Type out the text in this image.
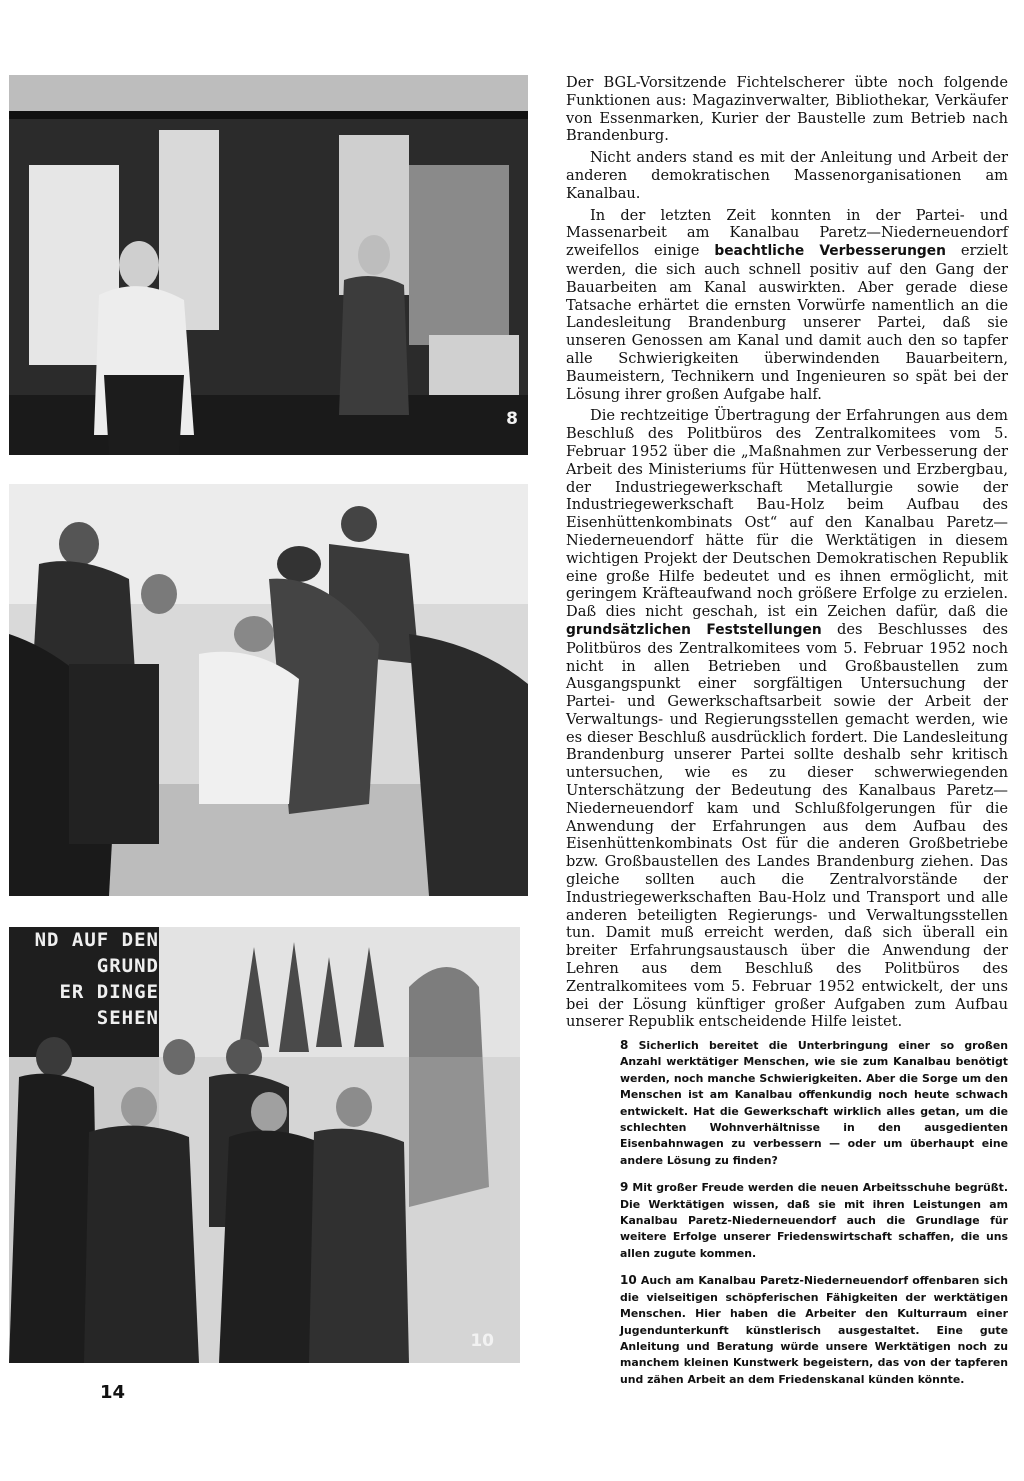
8
ND AUF DEN
GRUND
ER DINGE
SEHEN
10

Der BGL-Vorsitzende Fichtelscherer übte noch folgende Funktionen aus: Magazinverwalter, Bibliothekar, Verkäufer von Essenmarken, Kurier der Baustelle zum Betrieb nach Brandenburg.

Nicht anders stand es mit der Anleitung und Arbeit der anderen demokratischen Massenorganisationen am Kanalbau.

In der letzten Zeit konnten in der Partei- und Massenarbeit am Kanalbau Paretz—Niederneuendorf zweifellos einige beachtliche Verbesserungen erzielt werden, die sich auch schnell positiv auf den Gang der Bauarbeiten am Kanal auswirkten. Aber gerade diese Tatsache erhärtet die ernsten Vorwürfe namentlich an die Landesleitung Brandenburg unserer Partei, daß sie unseren Genossen am Kanal und damit auch den so tapfer alle Schwierigkeiten überwindenden Bauarbeitern, Baumeistern, Technikern und Ingenieuren so spät bei der Lösung ihrer großen Aufgabe half.

Die rechtzeitige Übertragung der Erfahrungen aus dem Beschluß des Politbüros des Zentralkomitees vom 5. Februar 1952 über die „Maßnahmen zur Verbesserung der Arbeit des Ministeriums für Hüttenwesen und Erzbergbau, der Industriegewerkschaft Metallurgie sowie der Industriegewerkschaft Bau-Holz beim Aufbau des Eisenhüttenkombinats Ost“ auf den Kanalbau Paretz—Niederneuendorf hätte für die Werktätigen in diesem wichtigen Projekt der Deutschen Demokratischen Republik eine große Hilfe bedeutet und es ihnen ermöglicht, mit geringem Kräfteaufwand noch größere Erfolge zu erzielen. Daß dies nicht geschah, ist ein Zeichen dafür, daß die grundsätzlichen Feststellungen des Beschlusses des Politbüros des Zentralkomitees vom 5. Februar 1952 noch nicht in allen Betrieben und Großbaustellen zum Ausgangspunkt einer sorgfältigen Untersuchung der Partei- und Gewerkschaftsarbeit sowie der Arbeit der Verwaltungs- und Regierungsstellen gemacht werden, wie es dieser Beschluß ausdrücklich fordert. Die Landesleitung Brandenburg unserer Partei sollte deshalb sehr kritisch untersuchen, wie es zu dieser schwerwiegenden Unterschätzung der Bedeutung des Kanalbaus Paretz—Niederneuendorf kam und Schlußfolgerungen für die Anwendung der Erfahrungen aus dem Aufbau des Eisenhüttenkombinats Ost für die anderen Großbetriebe bzw. Großbaustellen des Landes Brandenburg ziehen. Das gleiche sollten auch die Zentralvorstände der Industriegewerkschaften Bau-Holz und Transport und alle anderen beteiligten Regierungs- und Verwaltungsstellen tun. Damit muß erreicht werden, daß sich überall ein breiter Erfahrungsaustausch über die Anwendung der Lehren aus dem Beschluß des Politbüros des Zentralkomitees vom 5. Februar 1952 entwickelt, der uns bei der Lösung künftiger großer Aufgaben zum Aufbau unserer Republik entscheidende Hilfe leistet.

8 Sicherlich bereitet die Unterbringung einer so großen Anzahl werktätiger Menschen, wie sie zum Kanalbau benötigt werden, noch manche Schwierigkeiten. Aber die Sorge um den Menschen ist am Kanalbau offenkundig noch heute schwach entwickelt. Hat die Gewerkschaft wirklich alles getan, um die schlechten Wohnverhältnisse in den ausgedienten Eisenbahnwagen zu verbessern — oder um überhaupt eine andere Lösung zu finden?

9 Mit großer Freude werden die neuen Arbeitsschuhe begrüßt. Die Werktätigen wissen, daß sie mit ihren Leistungen am Kanalbau Paretz-Niederneuendorf auch die Grundlage für weitere Erfolge unserer Friedenswirtschaft schaffen, die uns allen zugute kommen.

10 Auch am Kanalbau Paretz-Niederneuendorf offenbaren sich die vielseitigen schöpferischen Fähigkeiten der werktätigen Menschen. Hier haben die Arbeiter den Kulturraum einer Jugendunterkunft künstlerisch ausgestaltet. Eine gute Anleitung und Beratung würde unsere Werktätigen noch zu manchem kleinen Kunstwerk begeistern, das von der tapferen und zähen Arbeit an dem Friedenskanal künden könnte.

14
